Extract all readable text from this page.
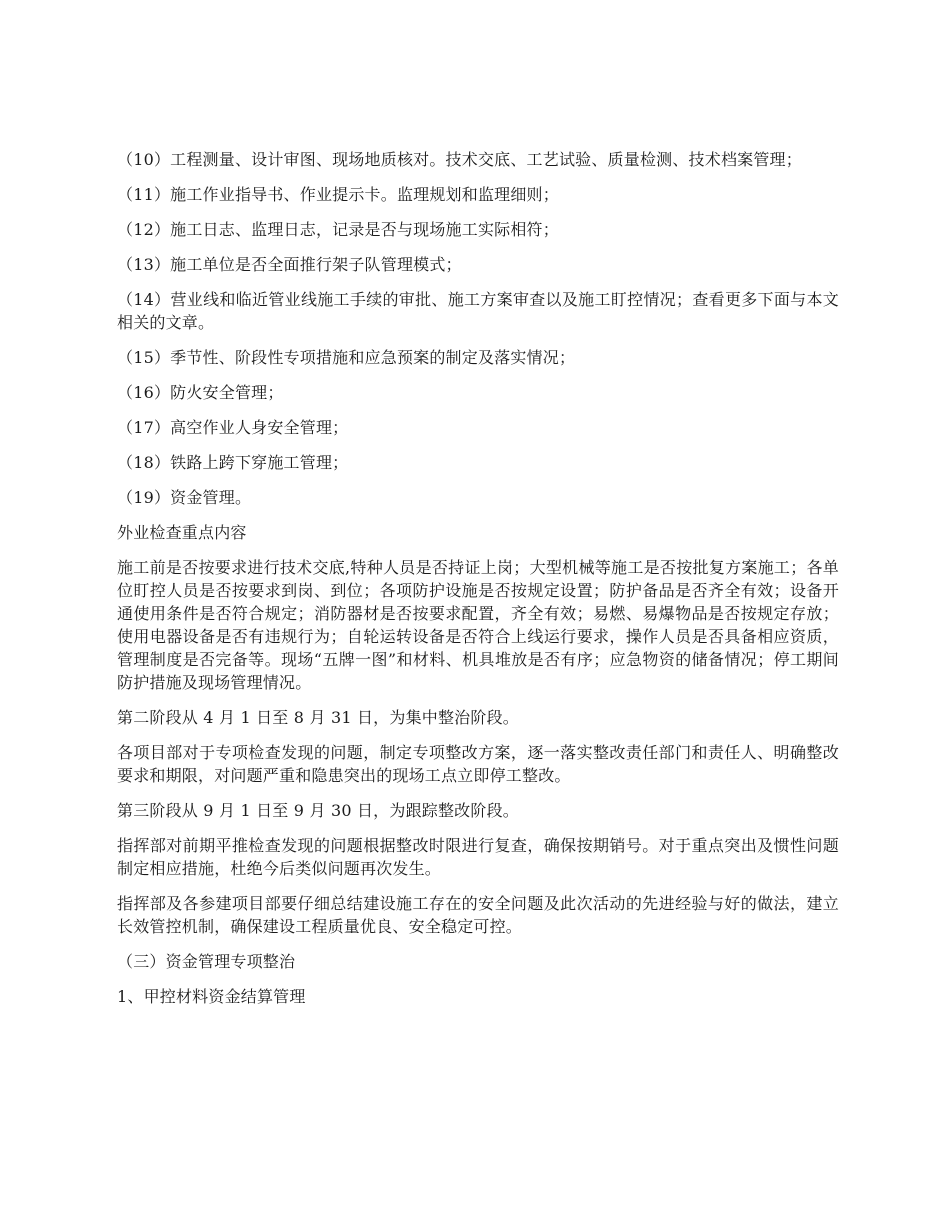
（10）工程测量、设计审图、现场地质核对。技术交底、工艺试验、质量检测、技术档案管理；

（11）施工作业指导书、作业提示卡。监理规划和监理细则；

（12）施工日志、监理日志，记录是否与现场施工实际相符；

（13）施工单位是否全面推行架子队管理模式；

（14）营业线和临近管业线施工手续的审批、施工方案审查以及施工盯控情况；查看更多下面与本文相关的文章。

（15）季节性、阶段性专项措施和应急预案的制定及落实情况；

（16）防火安全管理；

（17）高空作业人身安全管理；

（18）铁路上跨下穿施工管理；

（19）资金管理。

外业检查重点内容

施工前是否按要求进行技术交底,特种人员是否持证上岗；大型机械等施工是否按批复方案施工；各单位盯控人员是否按要求到岗、到位；各项防护设施是否按规定设置；防护备品是否齐全有效；设备开通使用条件是否符合规定；消防器材是否按要求配置，齐全有效；易燃、易爆物品是否按规定存放；使用电器设备是否有违规行为；自轮运转设备是否符合上线运行要求，操作人员是否具备相应资质，管理制度是否完备等。现场“五牌一图”和材料、机具堆放是否有序；应急物资的储备情况；停工期间防护措施及现场管理情况。

第二阶段从 4 月 1 日至 8 月 31 日，为集中整治阶段。

各项目部对于专项检查发现的问题，制定专项整改方案，逐一落实整改责任部门和责任人、明确整改要求和期限，对问题严重和隐患突出的现场工点立即停工整改。

第三阶段从 9 月 1 日至 9 月 30 日，为跟踪整改阶段。

指挥部对前期平推检查发现的问题根据整改时限进行复查，确保按期销号。对于重点突出及惯性问题制定相应措施，杜绝今后类似问题再次发生。

指挥部及各参建项目部要仔细总结建设施工存在的安全问题及此次活动的先进经验与好的做法，建立长效管控机制，确保建设工程质量优良、安全稳定可控。

（三）资金管理专项整治

1、甲控材料资金结算管理
